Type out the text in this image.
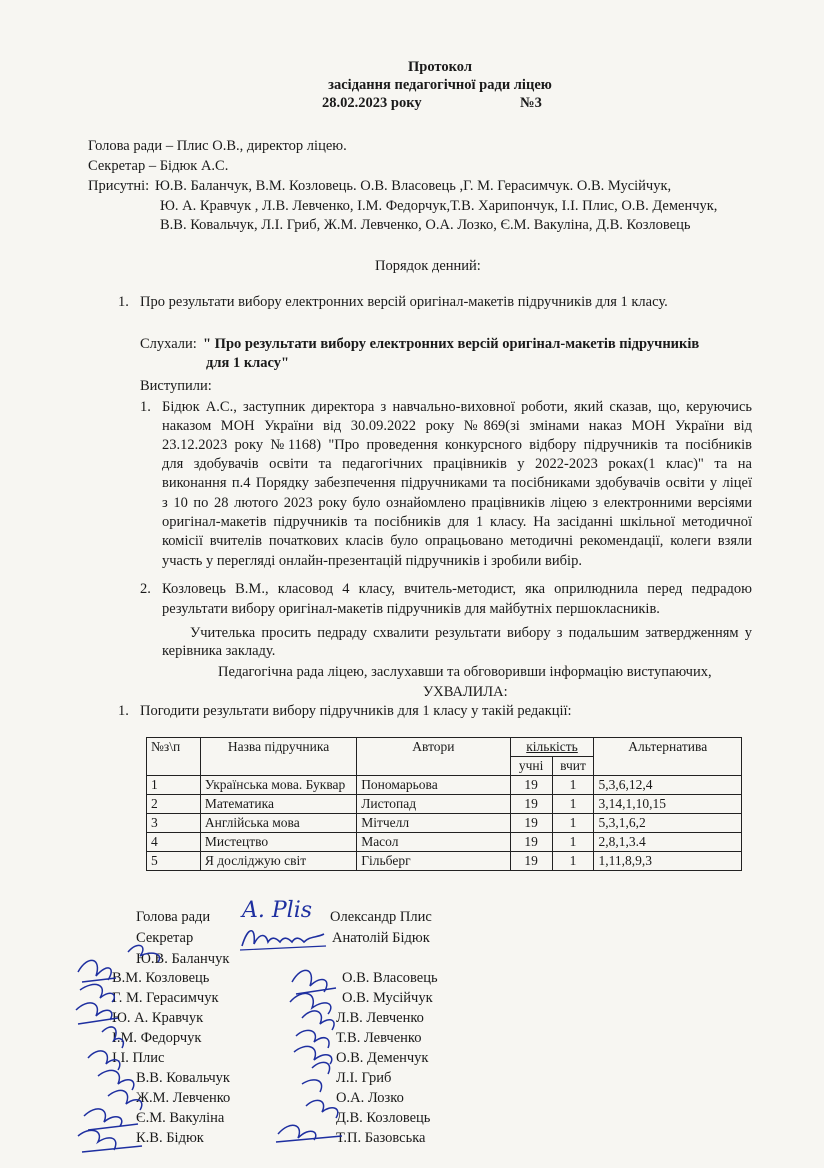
Протокол
засідання педагогічної ради ліцею
28.02.2023 року	№3
Голова ради – Плис О.В., директор ліцею.
Секретар – Бідюк А.С.
Присутні: Ю.В. Баланчук, В.М. Козловець. О.В. Власовець ,Г. М. Герасимчук. О.В. Мусійчук,
Ю. А. Кравчук , Л.В. Левченко, І.М. Федорчук,Т.В. Харипончук, І.І. Плис, О.В. Деменчук,
В.В. Ковальчук, Л.І. Гриб, Ж.М. Левченко, О.А. Лозко, Є.М. Вакуліна, Д.В. Козловець
Порядок денний:
1. Про результати вибору електронних версій оригінал-макетів підручників для 1 класу.
Слухали: " Про результати вибору електронних версій оригінал-макетів підручників
для 1 класу"
Виступили:
1. Бідюк А.С., заступник директора з навчально-виховної роботи, який сказав, що, керуючись
наказом МОН України від 30.09.2022 року №869(зі змінами наказ МОН України від
23.12.2023 року №1168) "Про проведення конкурсного відбору підручників та посібників
для здобувачів освіти та педагогічних працівників у 2022-2023 роках(1 клас)" та на
виконання п.4 Порядку забезпечення підручниками та посібниками здобувачів освіти у ліцеї
з 10 по 28 лютого 2023 року було ознайомлено працівників ліцею з електронними версіями
оригінал-макетів підручників та посібників для 1 класу. На засіданні шкільної методичної
комісії вчителів початкових класів було опрацьовано методичні рекомендації, колеги взяли
участь у перегляді онлайн-презентацій підручників і зробили вибір.
2. Козловець В.М., класовод 4 класу, вчитель-методист, яка оприлюднила перед педрадою
результати вибору оригінал-макетів підручників для майбутніх першокласників.
Учителька просить педраду схвалити результати вибору з подальшим затвердженням у
керівника закладу.
Педагогічна рада ліцею, заслухавши та обговоривши інформацію виступаючих,
УХВАЛИЛА:
1. Погодити результати вибору підручників для 1 класу у такій редакції:
№з\п	Назва підручника	Автори	кількість		Альтернатива
			учні	вчит	
1	Українська мова. Буквар	Пономарьова	19	1	5,3,6,12,4
2	Математика	Листопад	19	1	3,14,1,10,15
3	Англійська мова	Мітчелл	19	1	5,3,1,6,2
4	Мистецтво	Масол	19	1	2,8,1,3.4
5	Я досліджую світ	Гільберг	19	1	1,11,8,9,3
Голова ради	Олександр Плис
Секретар	Анатолій Бідюк
Ю.В. Баланчук
В.М. Козловець
Г. М. Герасимчук
Ю. А. Кравчук
І.М. Федорчук
І.І. Плис
В.В. Ковальчук
Ж.М. Левченко
Є.М. Вакуліна
К.В. Бідюк
О.В. Власовець
О.В. Мусійчук
Л.В. Левченко
Т.В. Левченко
О.В. Деменчук
Л.І. Гриб
О.А. Лозко
Д.В. Козловець
Т.П. Базовська
A. Plis
